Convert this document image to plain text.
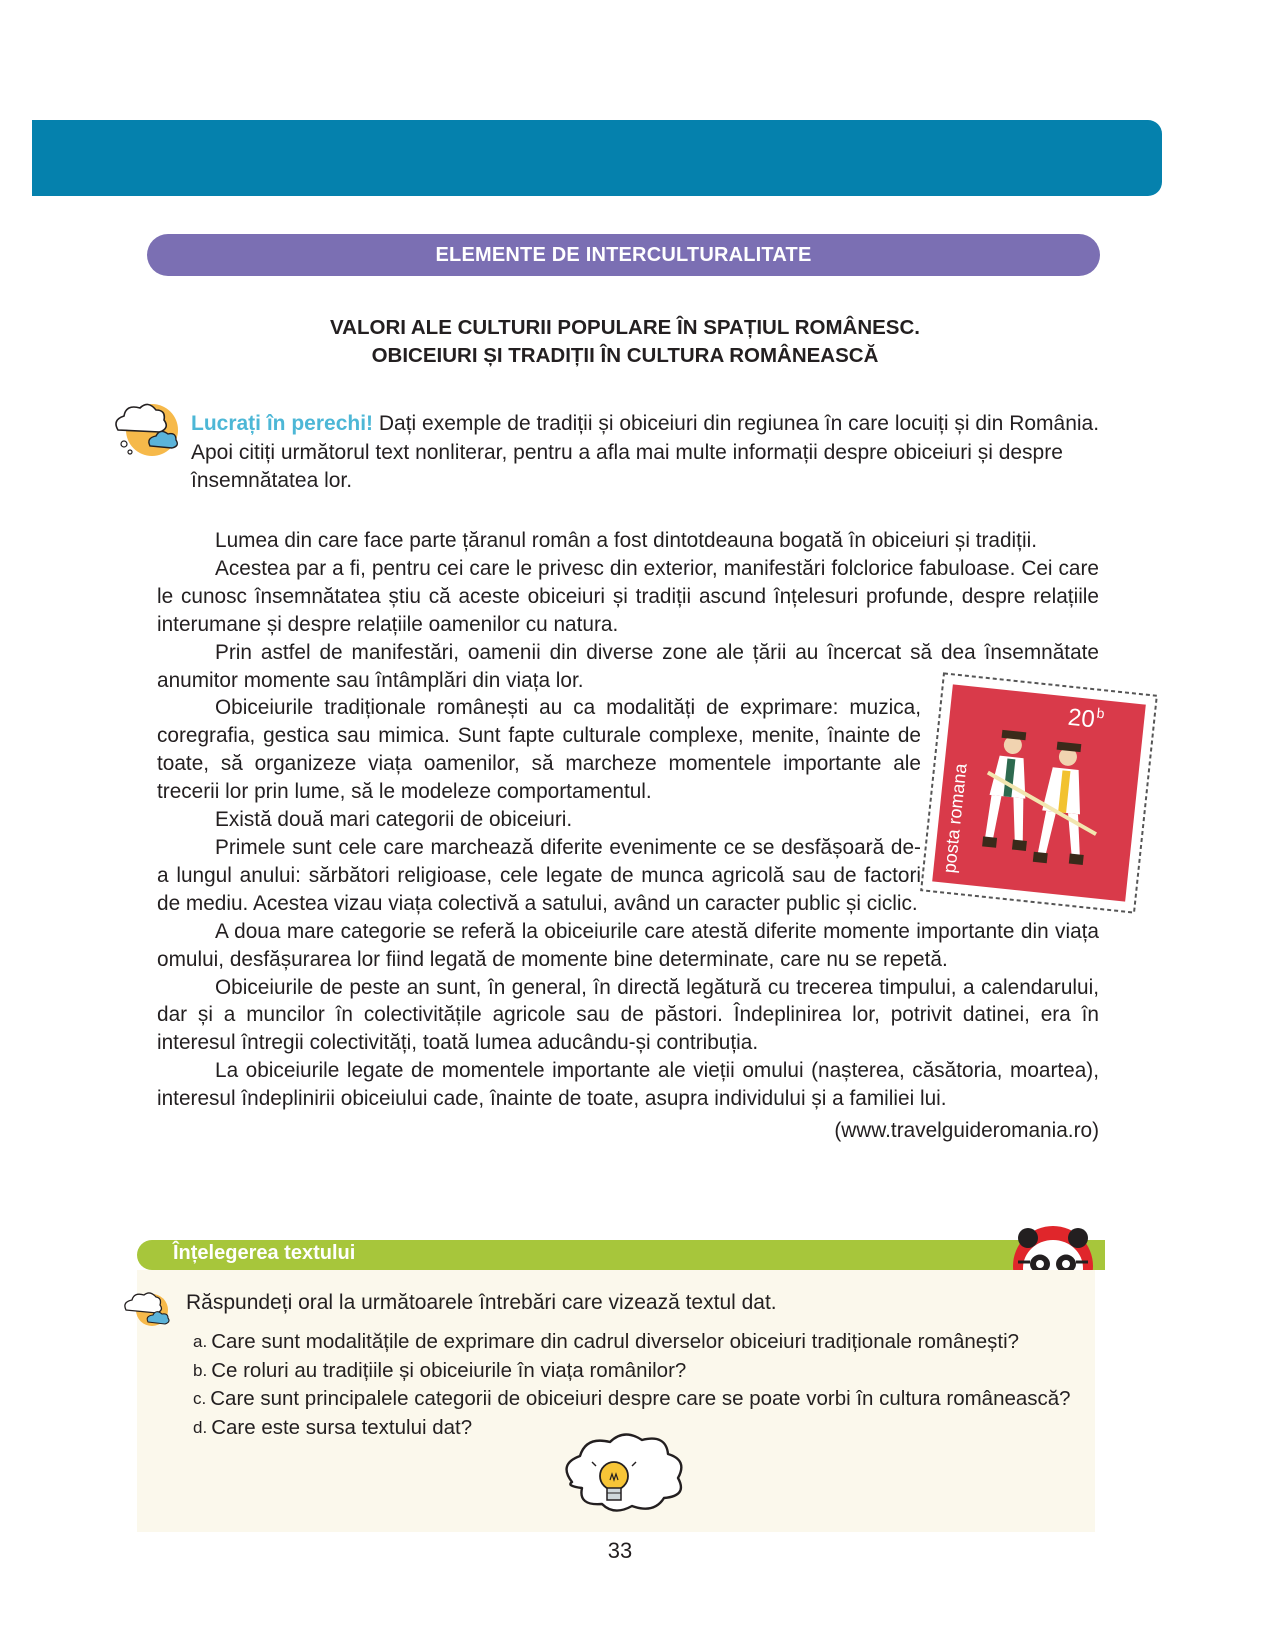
ELEMENTE DE INTERCULTURALITATE
VALORI ALE CULTURII POPULARE ÎN SPAȚIUL ROMÂNESC.
OBICEIURI ȘI TRADIȚII ÎN CULTURA ROMÂNEASCĂ
Lucrați în perechi! Dați exemple de tradiții și obiceiuri din regiunea în care locuiți și din România. Apoi citiți următorul text nonliterar, pentru a afla mai multe informații despre obiceiuri și despre însemnătatea lor.

Lumea din care face parte țăranul român a fost dintotdeauna bogată în obiceiuri și tradiții.

Acestea par a fi, pentru cei care le privesc din exterior, manifestări folclorice fabuloase. Cei care le cunosc însemnătatea știu că aceste obiceiuri și tradiții ascund înțelesuri profunde, despre relațiile interumane și despre relațiile oamenilor cu natura.

Prin astfel de manifestări, oamenii din diverse zone ale țării au încercat să dea însemnătate anumitor momente sau întâmplări din viața lor.

Obiceiurile tradiționale românești au ca modalități de exprimare: muzica, coregrafia, gestica sau mimica. Sunt fapte culturale complexe, menite, înainte de toate, să organizeze viața oamenilor, să marcheze momentele importante ale trecerii lor prin lume, să le modeleze comportamentul.

Există două mari categorii de obiceiuri.

Primele sunt cele care marchează diferite evenimente ce se desfășoară de-a lungul anului: sărbători religioase, cele legate de munca agricolă sau de factori de mediu. Acestea vizau viața colectivă a satului, având un caracter public și ciclic.

A doua mare categorie se referă la obiceiurile care atestă diferite momente importante din viața omului, desfășurarea lor fiind legată de momente bine determinate, care nu se repetă.

Obiceiurile de peste an sunt, în general, în directă legătură cu trecerea timpului, a calendarului, dar și a muncilor în colectivitățile agricole sau de păstori. Îndeplinirea lor, potrivit datinei, era în interesul întregii colectivități, toată lumea aducându-și contribuția.

La obiceiurile legate de momentele importante ale vieții omului (nașterea, căsătoria, moartea), interesul îndeplinirii obiceiului cade, înainte de toate, asupra individului și a familiei lui.

(www.travelguideromania.ro)

20 b
posta romana
Înțelegerea textului
Răspundeți oral la următoarele întrebări care vizează textul dat.
a. Care sunt modalitățile de exprimare din cadrul diverselor obiceiuri tradiționale românești?
b. Ce roluri au tradițiile și obiceiurile în viața românilor?
c. Care sunt principalele categorii de obiceiuri despre care se poate vorbi în cultura românească?
d. Care este sursa textului dat?
33
